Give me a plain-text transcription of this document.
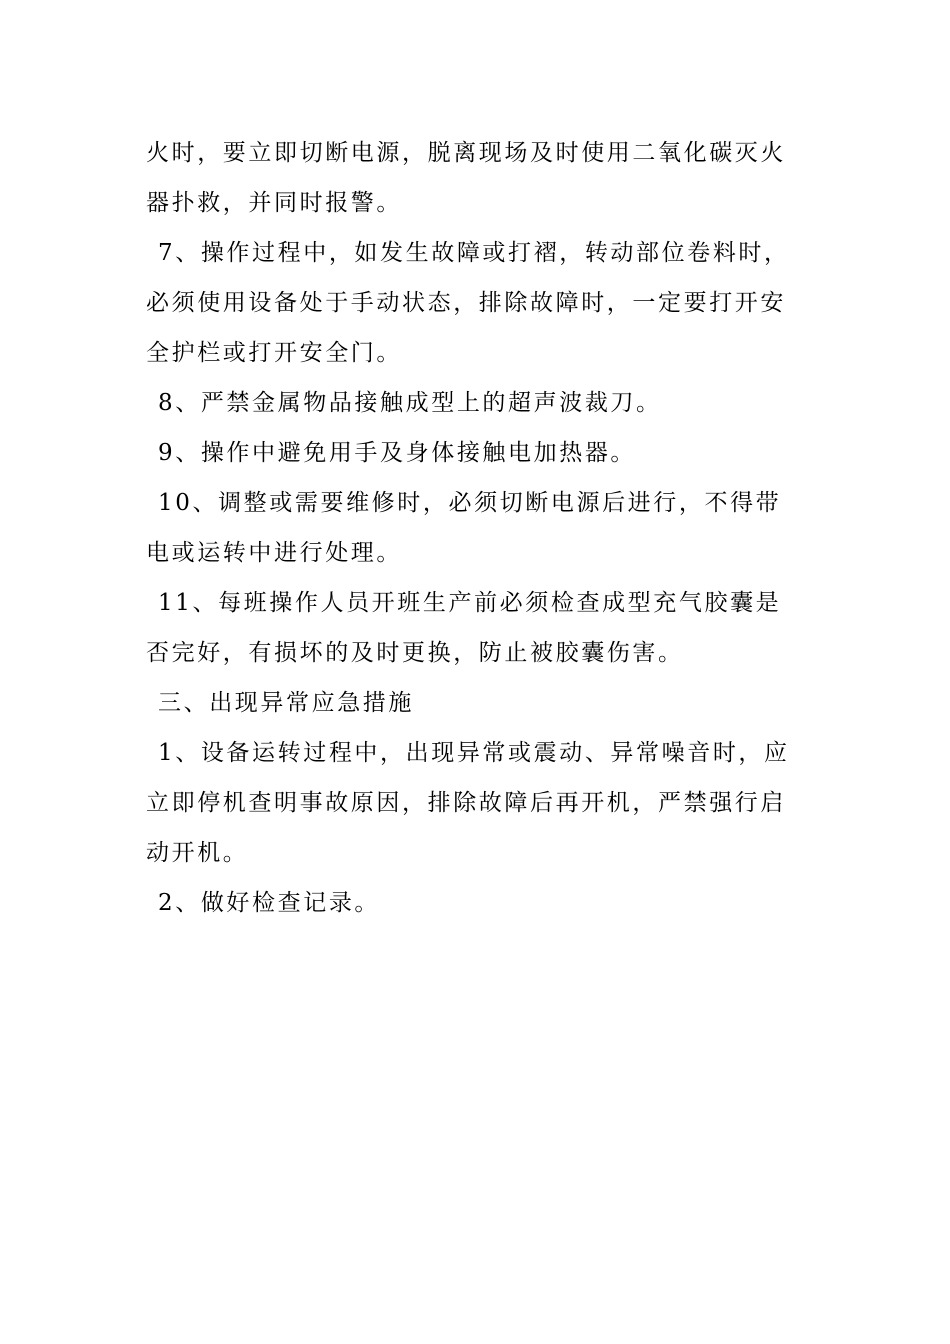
火时，要立即切断电源，脱离现场及时使用二氧化碳灭火器扑救，并同时报警。

7、操作过程中，如发生故障或打褶，转动部位卷料时，必须使用设备处于手动状态，排除故障时，一定要打开安全护栏或打开安全门。

8、严禁金属物品接触成型上的超声波裁刀。

9、操作中避免用手及身体接触电加热器。

10、调整或需要维修时，必须切断电源后进行，不得带电或运转中进行处理。

11、每班操作人员开班生产前必须检查成型充气胶囊是否完好，有损坏的及时更换，防止被胶囊伤害。

三、出现异常应急措施

1、设备运转过程中，出现异常或震动、异常噪音时，应立即停机查明事故原因，排除故障后再开机，严禁强行启动开机。

2、做好检查记录。
